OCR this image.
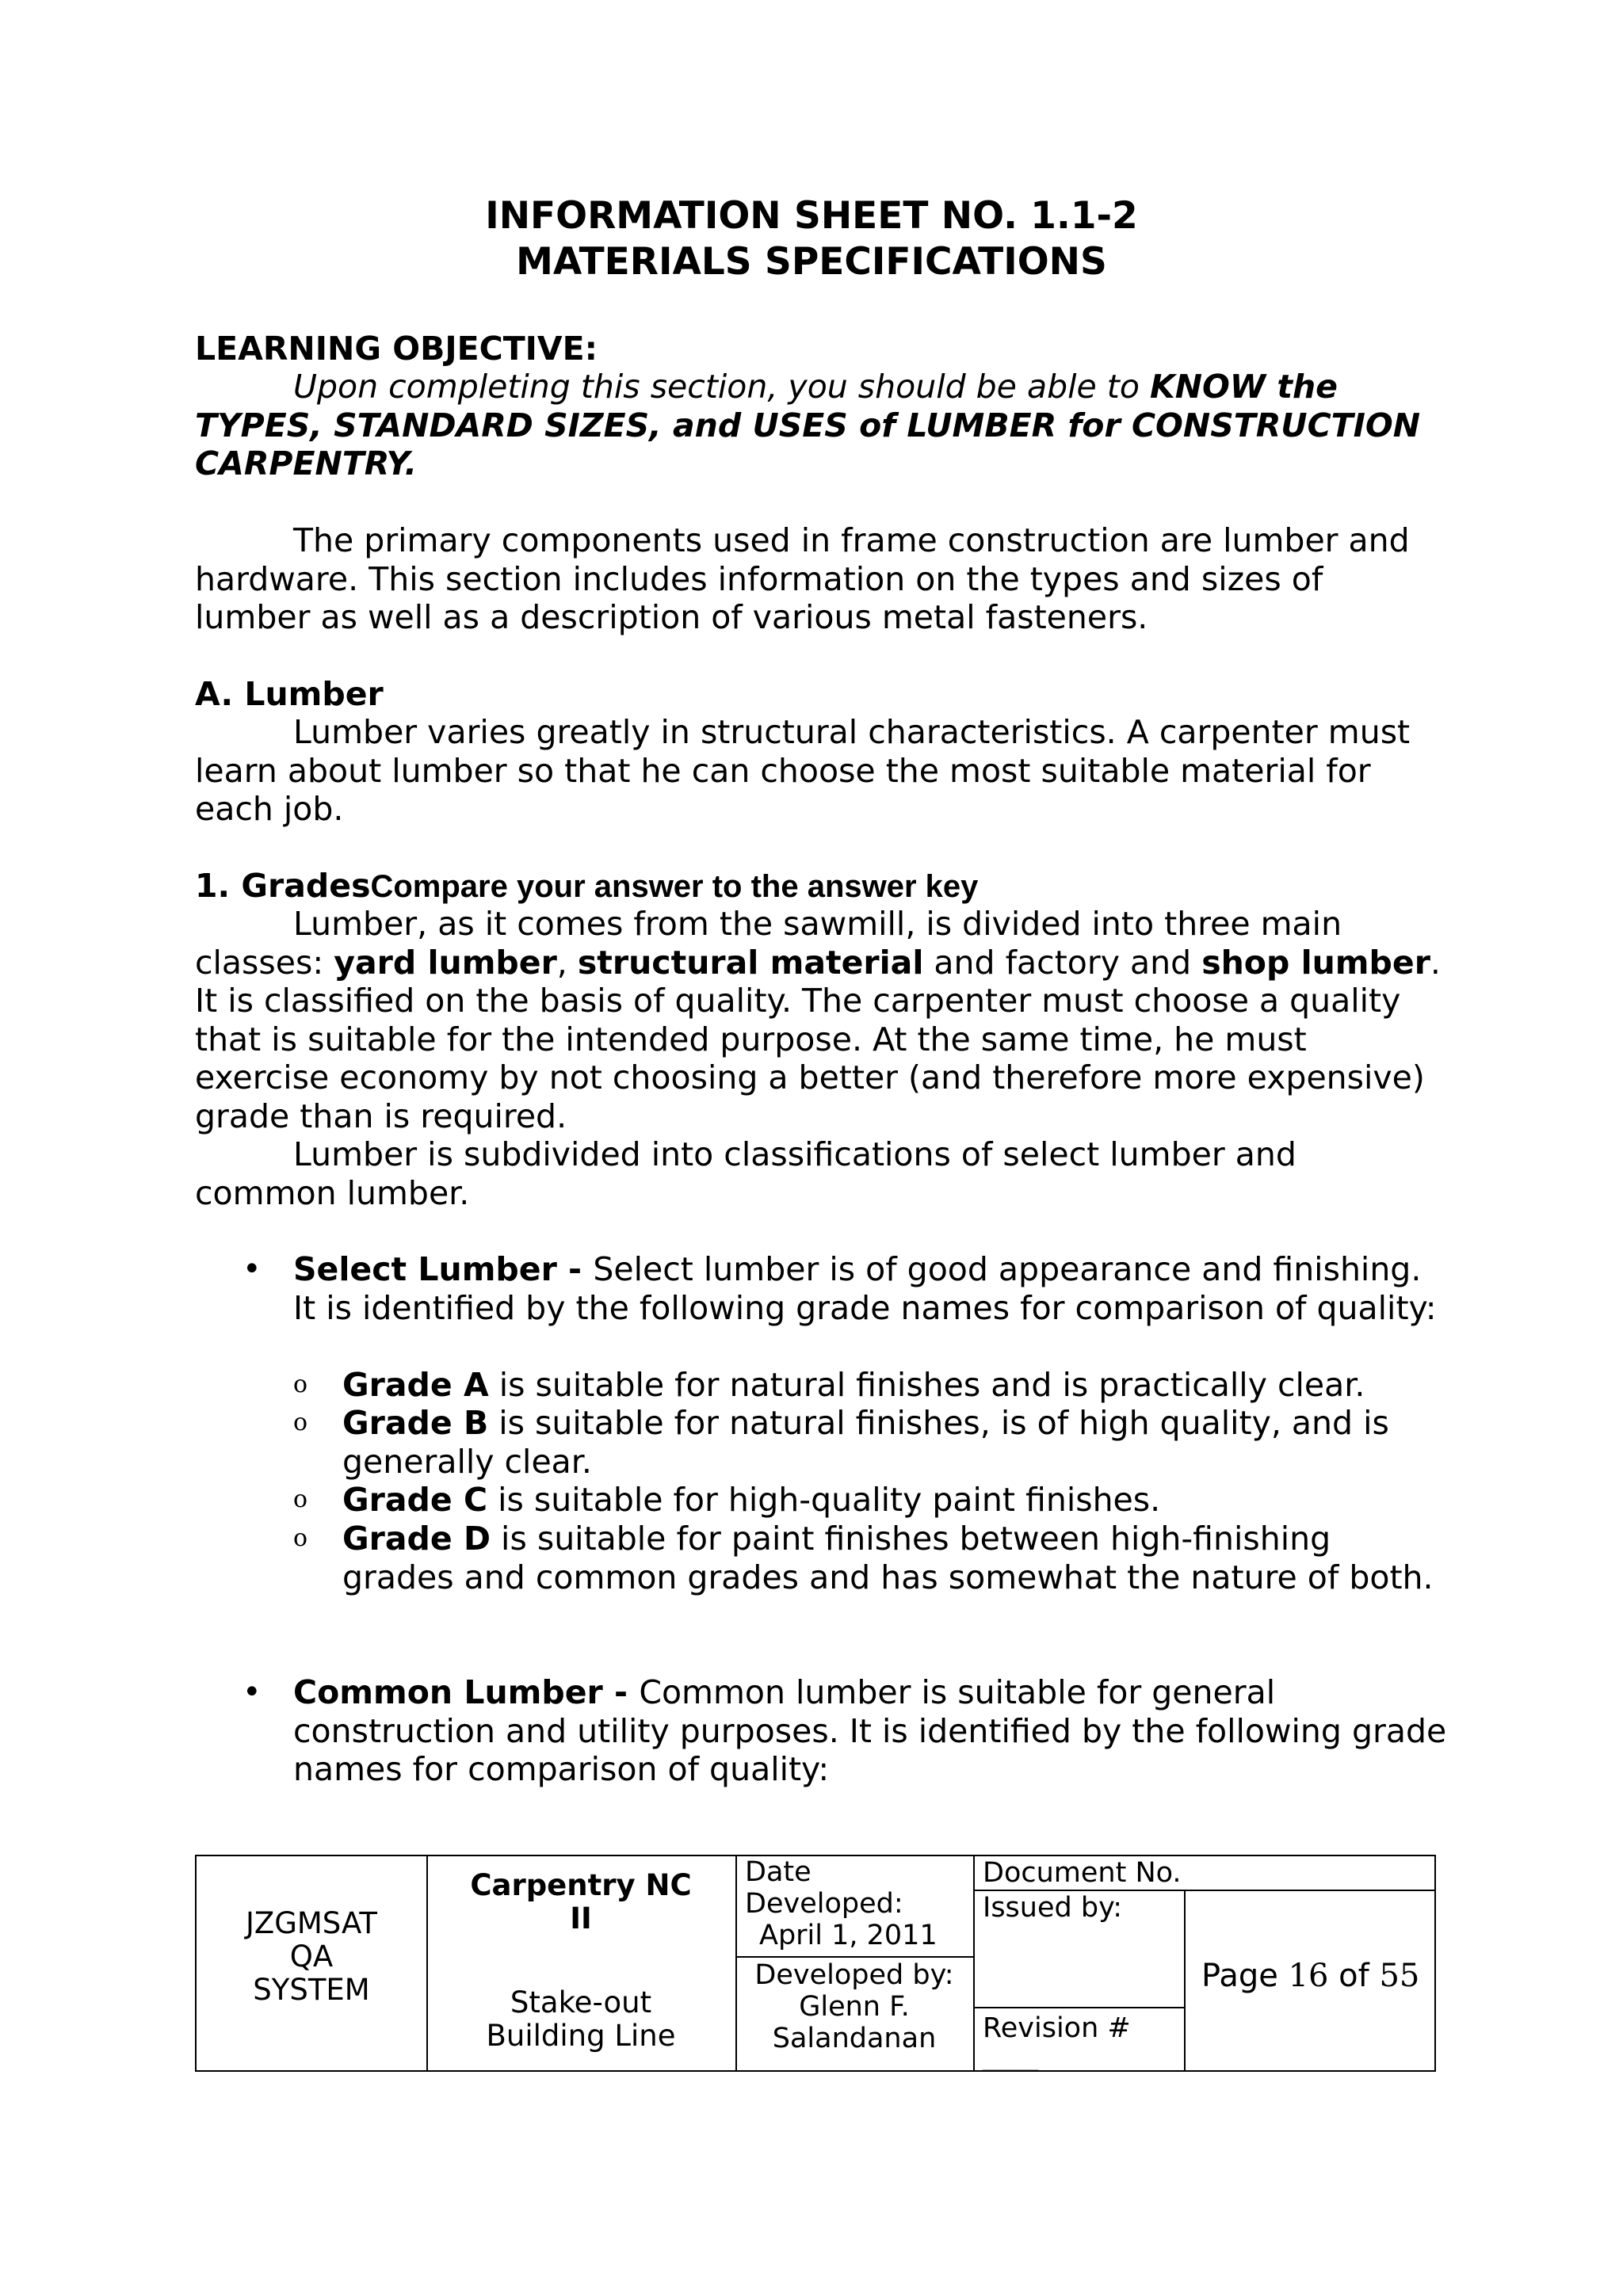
INFORMATION SHEET NO. 1.1-2
MATERIALS SPECIFICATIONS
LEARNING OBJECTIVE:
Upon completing this section, you should be able to KNOW the TYPES, STANDARD SIZES, and USES of LUMBER for CONSTRUCTION CARPENTRY.
The primary components used in frame construction are lumber and hardware. This section includes information on the types and sizes of lumber as well as a description of various metal fasteners.
A. Lumber
Lumber varies greatly in structural characteristics. A carpenter must learn about lumber so that he can choose the most suitable material for each job.
1. GradesCompare your answer to the answer key
Lumber, as it comes from the sawmill, is divided into three main classes: yard lumber, structural material and factory and shop lumber. It is classified on the basis of quality. The carpenter must choose a quality that is suitable for the intended purpose. At the same time, he must exercise economy by not choosing a better (and therefore more expensive) grade than is required.
Lumber is subdivided into classifications of select lumber and common lumber.
• Select Lumber - Select lumber is of good appearance and finishing. It is identified by the following grade names for comparison of quality:
o Grade A is suitable for natural finishes and is practically clear.
o Grade B is suitable for natural finishes, is of high quality, and is generally clear.
o Grade C is suitable for high-quality paint finishes.
o Grade D is suitable for paint finishes between high-finishing grades and common grades and has somewhat the nature of both.
• Common Lumber - Common lumber is suitable for general construction and utility purposes. It is identified by the following grade names for comparison of quality:
JZGMSAT
QA
SYSTEM
Carpentry NC
II
Stake-out
Building Line
Date
Developed:
April 1, 2011
Developed by:
Glenn F.
Salandanan
Document No.
Issued by:
Revision #
____
Page 16 of 55
